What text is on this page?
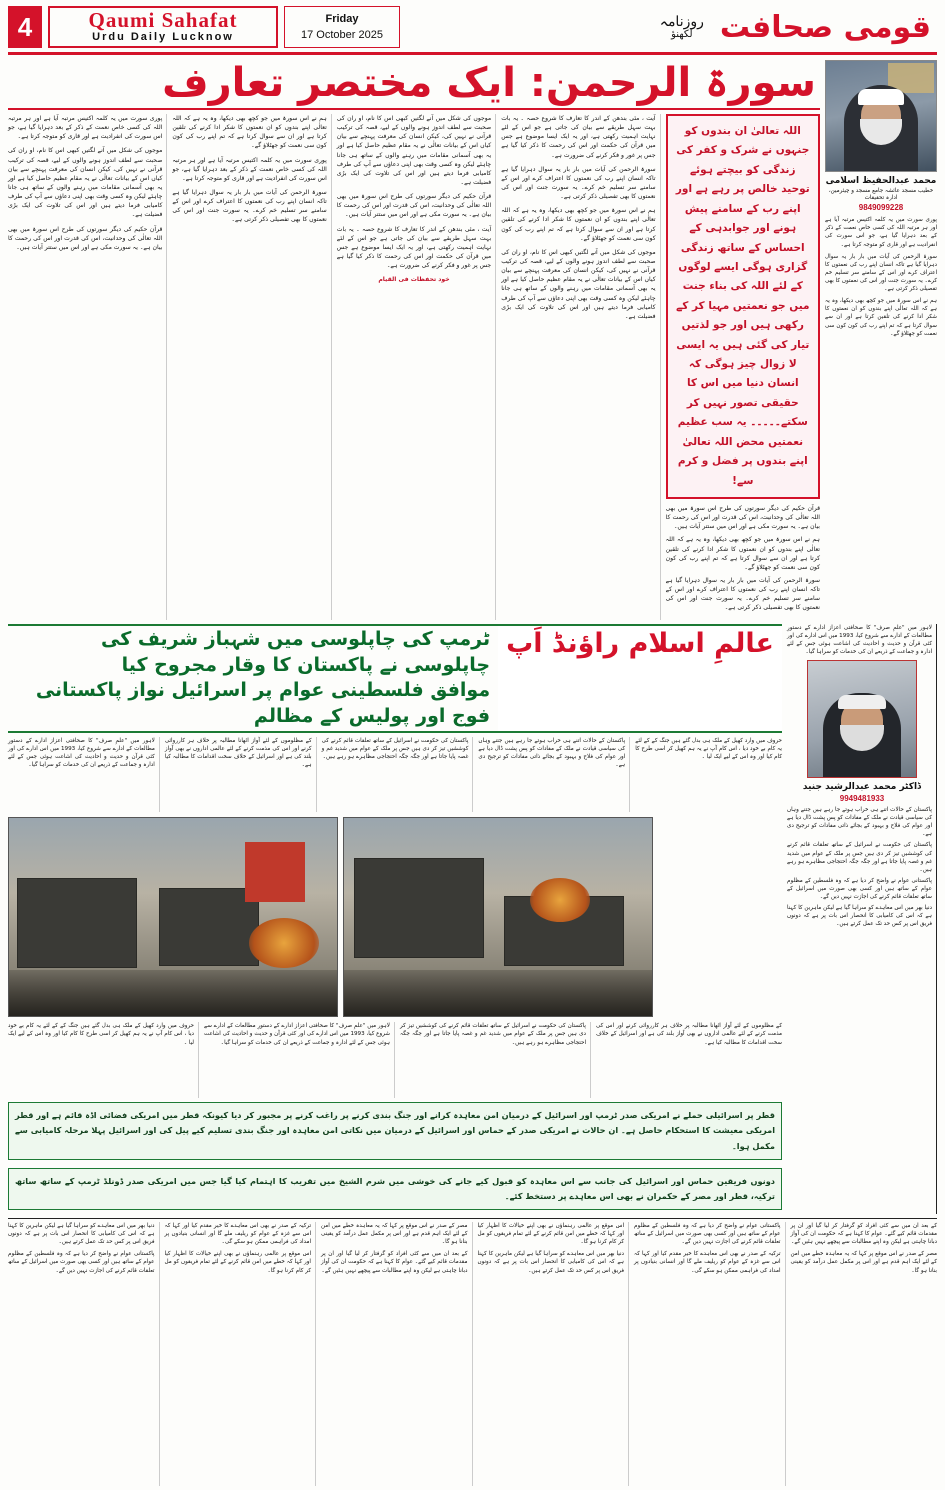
4	Qaumi Sahafat
Urdu Daily Lucknow
Friday
17 October 2025
روزنامہ
لکھنؤ قومی صحافت
سورۃ الرحمن: ایک مختصر تعارف
اللہ تعالیٰ ان بندوں کو جنہوں نے شرک و کفر کی زندگی کو بیچتے ہوئے توحید خالص پر رہے ہے اور اپنے رب کے سامنے پیش ہونے اور جوابدہی کے احساس کے ساتھ زندگی گزاری ہوگی ایسے لوگوں کے لئے اللہ کی بناء جنت میں جو نعمتیں مہیا کر کے رکھی ہیں اور جو لذتیں تیار کی گئی ہیں یہ ایسی لا زوال چیز ہوگی کہ انسان دنیا میں اس کا حقیقی تصور نہیں کر سکتے۔۔۔۔۔ یہ سب عظیم نعمتیں محض اللہ تعالیٰ اپنے بندوں پر فضل و کرم سے!
قرآن حکیم کی دیگر سورتوں کی طرح اس سورۃ میں بھی اللہ تعالٰی کی وحدانیت، اس کی قدرت اور اس کی رحمت کا بیان ہے۔ یہ سورت مکی ہے اور اس میں ستتر آیات ہیں۔
ہم نے اس سورۃ میں جو کچھ بھی دیکھا، وہ یہ ہے کہ اللہ تعالٰی اپنے بندوں کو ان نعمتوں کا شکر ادا کرنے کی تلقین کرتا ہے اور ان سے سوال کرتا ہے کہ تم اپنے رب کی کون کون سی نعمت کو جھٹلاؤ گے۔
سورۃ الرحمن کی آیات میں بار بار یہ سوال دہرایا گیا ہے تاکہ انسان اپنے رب کی نعمتوں کا اعتراف کرے اور اس کے سامنے سر تسلیم خم کرے۔ یہ سورت جنت اور اس کی نعمتوں کا بھی تفصیلی ذکر کرتی ہے۔
آیت ، مئی بندھن کے اندر کا تعارف کا شروع حصہ ۔ یہ بات بہت سہل طریقے سے بیان کی جاتی ہے جو اس کے لئے نہایت اہمیت رکھتی ہے، اور یہ ایک ایسا موضوع ہے جس میں قرآن کی حکمت اور اس کی رحمت کا ذکر کیا گیا ہے جس پر غور و فکر کرنے کی ضرورت ہے۔
سورۃ الرحمن کی آیات میں بار بار یہ سوال دہرایا گیا ہے تاکہ انسان اپنے رب کی نعمتوں کا اعتراف کرے اور اس کے سامنے سر تسلیم خم کرے۔ یہ سورت جنت اور اس کی نعمتوں کا بھی تفصیلی ذکر کرتی ہے۔
ہم نے اس سورۃ میں جو کچھ بھی دیکھا، وہ یہ ہے کہ اللہ تعالٰی اپنے بندوں کو ان نعمتوں کا شکر ادا کرنے کی تلقین کرتا ہے اور ان سے سوال کرتا ہے کہ تم اپنے رب کی کون کون سی نعمت کو جھٹلاؤ گے۔
موجوں کی شکل میں آنے لگتیں کبھی اس کا نام، او ران کی صحبت سے لطف اندوز ہونے والوں کے لیے، قصہ کی ترکیب قرآنی نے نہیں کی، کیکن انسان کی معرفت پہنچے سے بیان کیاں اس کے بیانات تعالٰی نے یہ مقام عظیم حاصل کیا ہے اور یہ بھی آسمانی مقامات میں رہنے والوں کے ساتھ ہی جانا چاہئے لیکن وہ کسی وقت بھی اپنی دعاؤں سے آپ کی طرف کامیابی فرما دیتے ہیں اور اس کی تلاوت کی ایک بڑی فضیلت ہے۔
موجوں کی شکل میں آنے لگتیں کبھی اس کا نام، او ران کی صحبت سے لطف اندوز ہونے والوں کے لیے، قصہ کی ترکیب قرآنی نے نہیں کی، کیکن انسان کی معرفت پہنچے سے بیان کیاں اس کے بیانات تعالٰی نے یہ مقام عظیم حاصل کیا ہے اور یہ بھی آسمانی مقامات میں رہنے والوں کے ساتھ ہی جانا چاہئے لیکن وہ کسی وقت بھی اپنی دعاؤں سے آپ کی طرف کامیابی فرما دیتے ہیں اور اس کی تلاوت کی ایک بڑی فضیلت ہے۔
قرآن حکیم کی دیگر سورتوں کی طرح اس سورۃ میں بھی اللہ تعالٰی کی وحدانیت، اس کی قدرت اور اس کی رحمت کا بیان ہے۔ یہ سورت مکی ہے اور اس میں ستتر آیات ہیں۔
آیت ، مئی بندھن کے اندر کا تعارف کا شروع حصہ ۔ یہ بات بہت سہل طریقے سے بیان کی جاتی ہے جو اس کے لئے نہایت اہمیت رکھتی ہے، اور یہ ایک ایسا موضوع ہے جس میں قرآن کی حکمت اور اس کی رحمت کا ذکر کیا گیا ہے جس پر غور و فکر کرنے کی ضرورت ہے۔
خود تحفظات فی القیام
ہم نے اس سورۃ میں جو کچھ بھی دیکھا، وہ یہ ہے کہ اللہ تعالٰی اپنے بندوں کو ان نعمتوں کا شکر ادا کرنے کی تلقین کرتا ہے اور ان سے سوال کرتا ہے کہ تم اپنے رب کی کون کون سی نعمت کو جھٹلاؤ گے۔
پوری سورت میں یہ کلمہ اکتیس مرتبہ آیا ہے اور ہر مرتبہ اللہ کی کسی خاص نعمت کے ذکر کے بعد دہرایا گیا ہے، جو اس سورت کی انفرادیت ہے اور قاری کو متوجہ کرتا ہے۔
سورۃ الرحمن کی آیات میں بار بار یہ سوال دہرایا گیا ہے تاکہ انسان اپنے رب کی نعمتوں کا اعتراف کرے اور اس کے سامنے سر تسلیم خم کرے۔ یہ سورت جنت اور اس کی نعمتوں کا بھی تفصیلی ذکر کرتی ہے۔
پوری سورت میں یہ کلمہ اکتیس مرتبہ آیا ہے اور ہر مرتبہ اللہ کی کسی خاص نعمت کے ذکر کے بعد دہرایا گیا ہے، جو اس سورت کی انفرادیت ہے اور قاری کو متوجہ کرتا ہے۔
موجوں کی شکل میں آنے لگتیں کبھی اس کا نام، او ران کی صحبت سے لطف اندوز ہونے والوں کے لیے، قصہ کی ترکیب قرآنی نے نہیں کی، کیکن انسان کی معرفت پہنچے سے بیان کیاں اس کے بیانات تعالٰی نے یہ مقام عظیم حاصل کیا ہے اور یہ بھی آسمانی مقامات میں رہنے والوں کے ساتھ ہی جانا چاہئے لیکن وہ کسی وقت بھی اپنی دعاؤں سے آپ کی طرف کامیابی فرما دیتے ہیں اور اس کی تلاوت کی ایک بڑی فضیلت ہے۔
قرآن حکیم کی دیگر سورتوں کی طرح اس سورۃ میں بھی اللہ تعالٰی کی وحدانیت، اس کی قدرت اور اس کی رحمت کا بیان ہے۔ یہ سورت مکی ہے اور اس میں ستتر آیات ہیں۔
محمد عبدالحفیظ اسلامی
خطیب مسجد عائشہ جامع مسجد و چیئرمین، ادارہ تحقیقات
9849099228
پوری سورت میں یہ کلمہ اکتیس مرتبہ آیا ہے اور ہر مرتبہ اللہ کی کسی خاص نعمت کے ذکر کے بعد دہرایا گیا ہے، جو اس سورت کی انفرادیت ہے اور قاری کو متوجہ کرتا ہے۔
سورۃ الرحمن کی آیات میں بار بار یہ سوال دہرایا گیا ہے تاکہ انسان اپنے رب کی نعمتوں کا اعتراف کرے اور اس کے سامنے سر تسلیم خم کرے۔ یہ سورت جنت اور اس کی نعمتوں کا بھی تفصیلی ذکر کرتی ہے۔
ہم نے اس سورۃ میں جو کچھ بھی دیکھا، وہ یہ ہے کہ اللہ تعالٰی اپنے بندوں کو ان نعمتوں کا شکر ادا کرنے کی تلقین کرتا ہے اور ان سے سوال کرتا ہے کہ تم اپنے رب کی کون کون سی نعمت کو جھٹلاؤ گے۔
ٹرمپ کی چاپلوسی میں شہباز شریف کی چاپلوسی نے پاکستان کا وقار مجروح کیا
موافق فلسطینی عوام پر اسرائیل نواز پاکستانی فوج اور پولیس کے مظالم
عالمِ اسلام راؤنڈ اَپ
حروف میں وارد کھیل کے ملک ہی بدل گئے ہیں جنگ کے کے لئے یہ کام بے خود دیا ، اس کام آپ نے یہ ہم کھیل کر اسی طرح کا کام کیا اور وہ اس کے لیے ایک لیا ۔
پاکستان کے حالات اتنے ہی خراب ہوتے جا رہے ہیں جتنے وہاں کی سیاسی قیادت نے ملک کے مفادات کو پس پشت ڈال دیا ہے اور عوام کی فلاح و بہبود کے بجائے ذاتی مفادات کو ترجیح دی ہے۔
پاکستان کی حکومت نے اسرائیل کے ساتھ تعلقات قائم کرنے کی کوششیں تیز کر دی ہیں جس پر ملک کے عوام میں شدید غم و غصہ پایا جاتا ہے اور جگہ جگہ احتجاجی مظاہرے ہو رہے ہیں۔
کے مظلوموں کے لئے آواز اٹھانا مطالبہ پر خلاف ہر کارروائی کرنے اور اس کی مذمت کرنے کے لئے عالمی اداروں نے بھی آواز بلند کی ہے اور اسرائیل کے خلاف سخت اقدامات کا مطالبہ کیا ہے۔
لاہور میں "علمِ صرف" کا صحافتی اعزاز ادارے کے دستورِ مطالعات کے ادارے سے شروع کیا، 1993 میں اس ادارے کی اور کئی قرآن و حدیث و احادیث کی اشاعت ہوئی جس کے لئے ادارہ و جماعت کے ذریعے ان کی خدمات کو سراہا گیا۔
کے مظلوموں کے لئے آواز اٹھانا مطالبہ پر خلاف ہر کارروائی کرنے اور اس کی مذمت کرنے کے لئے عالمی اداروں نے بھی آواز بلند کی ہے اور اسرائیل کے خلاف سخت اقدامات کا مطالبہ کیا ہے۔
پاکستان کی حکومت نے اسرائیل کے ساتھ تعلقات قائم کرنے کی کوششیں تیز کر دی ہیں جس پر ملک کے عوام میں شدید غم و غصہ پایا جاتا ہے اور جگہ جگہ احتجاجی مظاہرے ہو رہے ہیں۔
لاہور میں "علمِ صرف" کا صحافتی اعزاز ادارے کے دستورِ مطالعات کے ادارے سے شروع کیا، 1993 میں اس ادارے کی اور کئی قرآن و حدیث و احادیث کی اشاعت ہوئی جس کے لئے ادارہ و جماعت کے ذریعے ان کی خدمات کو سراہا گیا۔
حروف میں وارد کھیل کے ملک ہی بدل گئے ہیں جنگ کے کے لئے یہ کام بے خود دیا ، اس کام آپ نے یہ ہم کھیل کر اسی طرح کا کام کیا اور وہ اس کے لیے ایک لیا ۔
قطر پر اسرائیلی حملے نے امریکی صدر ٹرمپ اور اسرائیل کے درمیان امن معاہدہ کرانے اور جنگ بندی کرنے پر راغب کرنے پر مجبور کر دیا کیونکہ قطر میں امریکی فضائی اڈہ قائم ہے اور قطر امریکی معیشت کا استحکام حاصل ہے۔ ان حالات نے امریکی صدر کے حماس اور اسرائیل کے درمیان میں نکاتی امن معاہدہ اور جنگ بندی تسلیم کیے پیل کی اور اسرائیل پہلا مرحلہ کامیابی سے مکمل ہوا۔
دونوں فریقین حماس اور اسرائیل کی جانب سے اس معاہدہ کو قبول کیے جانے کی خوشی میں شرم الشیخ میں تقریب کا اہتمام کیا گیا جس میں امریکی صدر ڈونلڈ ٹرمپ کے ساتھ ساتھ ترکیہ، قطر اور مصر کے حکمران نے بھی اس معاہدے پر دستخط کئے۔
لاہور میں "علمِ صرف" کا صحافتی اعزاز ادارے کے دستورِ مطالعات کے ادارے سے شروع کیا، 1993 میں اس ادارے کی اور کئی قرآن و حدیث و احادیث کی اشاعت ہوئی جس کے لئے ادارہ و جماعت کے ذریعے ان کی خدمات کو سراہا گیا۔
ڈاکٹر محمد عبدالرشید جنید
9949481933
پاکستان کے حالات اتنے ہی خراب ہوتے جا رہے ہیں جتنے وہاں کی سیاسی قیادت نے ملک کے مفادات کو پس پشت ڈال دیا ہے اور عوام کی فلاح و بہبود کے بجائے ذاتی مفادات کو ترجیح دی ہے۔
پاکستان کی حکومت نے اسرائیل کے ساتھ تعلقات قائم کرنے کی کوششیں تیز کر دی ہیں جس پر ملک کے عوام میں شدید غم و غصہ پایا جاتا ہے اور جگہ جگہ احتجاجی مظاہرے ہو رہے ہیں۔
پاکستانی عوام نے واضح کر دیا ہے کہ وہ فلسطین کے مظلوم عوام کے ساتھ ہیں اور کسی بھی صورت میں اسرائیل کے ساتھ تعلقات قائم کرنے کی اجازت نہیں دیں گے۔
دنیا بھر میں اس معاہدے کو سراہا گیا ہے لیکن ماہرین کا کہنا ہے کہ اس کی کامیابی کا انحصار اس بات پر ہے کہ دونوں فریق اس پر کس حد تک عمل کرتے ہیں۔
کے بعد ان میں سے کئی افراد کو گرفتار کر لیا گیا اور ان پر مقدمات قائم کیے گئے۔ عوام کا کہنا ہے کہ حکومت ان کی آواز دبانا چاہتی ہے لیکن وہ اپنے مطالبات سے پیچھے نہیں ہٹیں گے۔
مصر کے صدر نے اس موقع پر کہا کہ یہ معاہدہ خطے میں امن کے لئے ایک اہم قدم ہے اور اس پر مکمل عمل درآمد کو یقینی بنانا ہو گا۔
پاکستانی عوام نے واضح کر دیا ہے کہ وہ فلسطین کے مظلوم عوام کے ساتھ ہیں اور کسی بھی صورت میں اسرائیل کے ساتھ تعلقات قائم کرنے کی اجازت نہیں دیں گے۔
ترکیہ کے صدر نے بھی اس معاہدے کا خیر مقدم کیا اور کہا کہ اس سے غزہ کے عوام کو ریلیف ملے گا اور انسانی بنیادوں پر امداد کی فراہمی ممکن ہو سکے گی۔
اس موقع پر عالمی رہنماؤں نے بھی اپنے خیالات کا اظہار کیا اور کہا کہ خطے میں امن قائم کرنے کے لئے تمام فریقوں کو مل کر کام کرنا ہو گا۔
دنیا بھر میں اس معاہدے کو سراہا گیا ہے لیکن ماہرین کا کہنا ہے کہ اس کی کامیابی کا انحصار اس بات پر ہے کہ دونوں فریق اس پر کس حد تک عمل کرتے ہیں۔
مصر کے صدر نے اس موقع پر کہا کہ یہ معاہدہ خطے میں امن کے لئے ایک اہم قدم ہے اور اس پر مکمل عمل درآمد کو یقینی بنانا ہو گا۔
کے بعد ان میں سے کئی افراد کو گرفتار کر لیا گیا اور ان پر مقدمات قائم کیے گئے۔ عوام کا کہنا ہے کہ حکومت ان کی آواز دبانا چاہتی ہے لیکن وہ اپنے مطالبات سے پیچھے نہیں ہٹیں گے۔
ترکیہ کے صدر نے بھی اس معاہدے کا خیر مقدم کیا اور کہا کہ اس سے غزہ کے عوام کو ریلیف ملے گا اور انسانی بنیادوں پر امداد کی فراہمی ممکن ہو سکے گی۔
اس موقع پر عالمی رہنماؤں نے بھی اپنے خیالات کا اظہار کیا اور کہا کہ خطے میں امن قائم کرنے کے لئے تمام فریقوں کو مل کر کام کرنا ہو گا۔
دنیا بھر میں اس معاہدے کو سراہا گیا ہے لیکن ماہرین کا کہنا ہے کہ اس کی کامیابی کا انحصار اس بات پر ہے کہ دونوں فریق اس پر کس حد تک عمل کرتے ہیں۔
پاکستانی عوام نے واضح کر دیا ہے کہ وہ فلسطین کے مظلوم عوام کے ساتھ ہیں اور کسی بھی صورت میں اسرائیل کے ساتھ تعلقات قائم کرنے کی اجازت نہیں دیں گے۔
